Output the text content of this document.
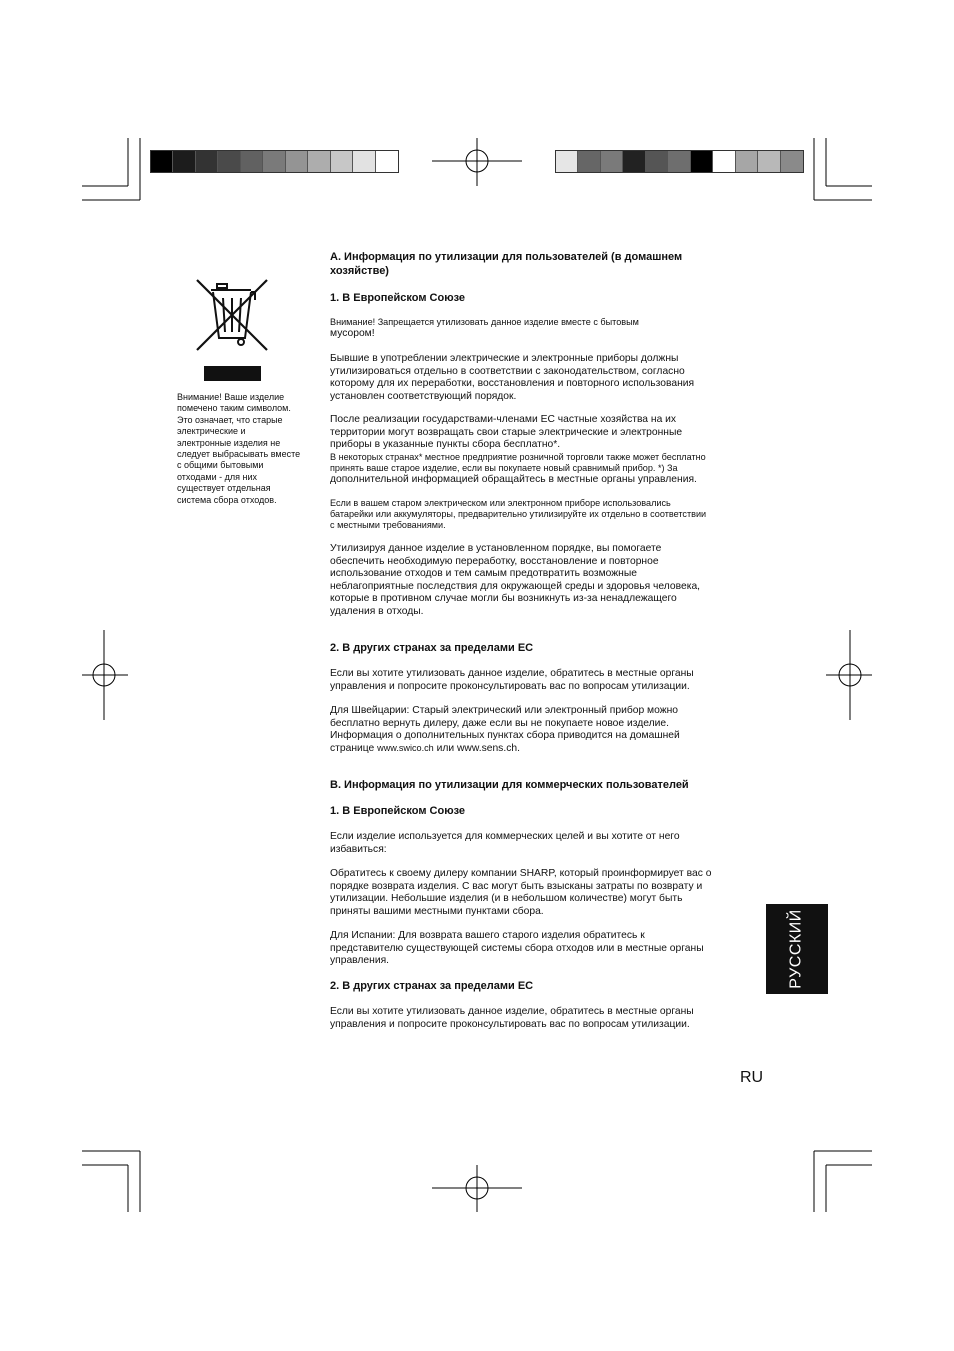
Внимание! Ваше изделие
помечено таким символом.
Это означает, что старые
электрические и
электронные изделия не
следует выбрасывать вместе
с общими бытовыми
отходами - для них
существует отдельная
система сбора отходов.
A. Информация по утилизации для пользователей (в домашнем
хозяйстве)
1. В Европейском Союзе
Внимание! Запрещается утилизовать данное изделие вместе с бытовым
мусором!
Бывшие в употреблении электрические и электронные приборы должны
утилизироваться отдельно в соответствии с законодательством, согласно
которому для их переработки, восстановления и повторного использования
установлен соответствующий порядок.
После реализации государствами-членами ЕС частные хозяйства на их
территории могут возвращать свои старые электрические и электронные
приборы в указанные пункты сбора бесплатно*.
В некоторых странах* местное предприятие розничной торговли также может бесплатно
принять ваше старое изделие, если вы покупаете новый сравнимый прибор. *) За
дополнительной информацией обращайтесь в местные органы управления.
Если в вашем старом электрическом или электронном приборе использовались
батарейки или аккумуляторы, предварительно утилизируйте их отдельно в соответствии
с местными требованиями.
Утилизируя данное изделие в установленном порядке, вы помогаете
обеспечить необходимую переработку, восстановление и повторное
использование отходов и тем самым предотвратить возможные
неблагоприятные последствия для окружающей среды и здоровья человека,
которые в противном случае могли бы возникнуть из-за ненадлежащего
удаления в отходы.
2. В других странах за пределами ЕС
Если вы хотите утилизовать данное изделие, обратитесь в местные органы
управления и попросите проконсультировать вас по вопросам утилизации.
Для Швейцарии: Старый электрический или электронный прибор можно
бесплатно вернуть дилеру, даже если вы не покупаете новое изделие.
Информация о дополнительных пунктах сбора приводится на домашней
странице www.swico.ch или www.sens.ch.
B. Информация по утилизации для коммерческих пользователей
1. В Европейском Союзе
Если изделие используется для коммерческих целей и вы хотите от него
избавиться:
Обратитесь к своему дилеру компании SHARP, который проинформирует вас о
порядке возврата изделия. С вас могут быть взысканы затраты по возврату и
утилизации. Небольшие изделия (и в небольшом количестве) могут быть
приняты вашими местными пунктами сбора.
Для Испании: Для возврата вашего старого изделия обратитесь к
представителю существующей системы сбора отходов или в местные органы
управления.
2. В других странах за пределами ЕС
Если вы хотите утилизовать данное изделие, обратитесь в местные органы
управления и попросите проконсультировать вас по вопросам утилизации.
РУССКИЙ
RU
